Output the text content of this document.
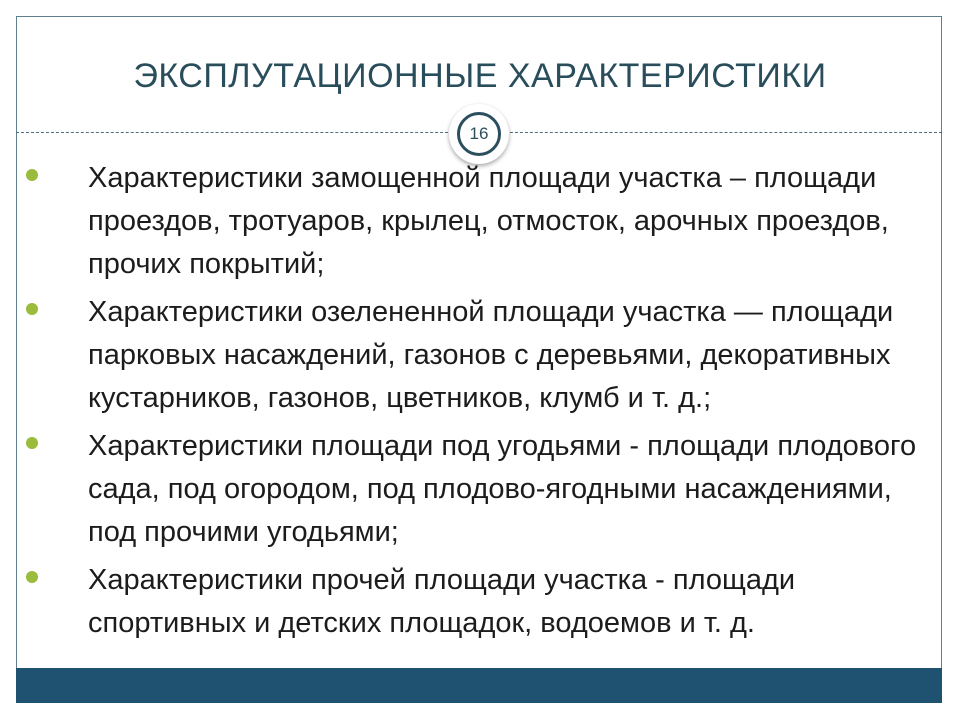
ЭКСПЛУТАЦИОННЫЕ ХАРАКТЕРИСТИКИ
16
Характеристики замощенной площади участка – площади проездов, тротуаров, крылец, отмосток, арочных проездов, прочих покрытий;
Характеристики озелененной площади участка — площади парковых насаждений, газонов с деревьями, декоративных кустарников, газонов, цветников, клумб и т. д.;
Характеристики площади под угодьями - площади плодового сада, под огородом, под плодово-ягодными насаждениями, под прочими угодьями;
Характеристики прочей площади участка - площади спортивных и детских площадок, водоемов и т. д.
